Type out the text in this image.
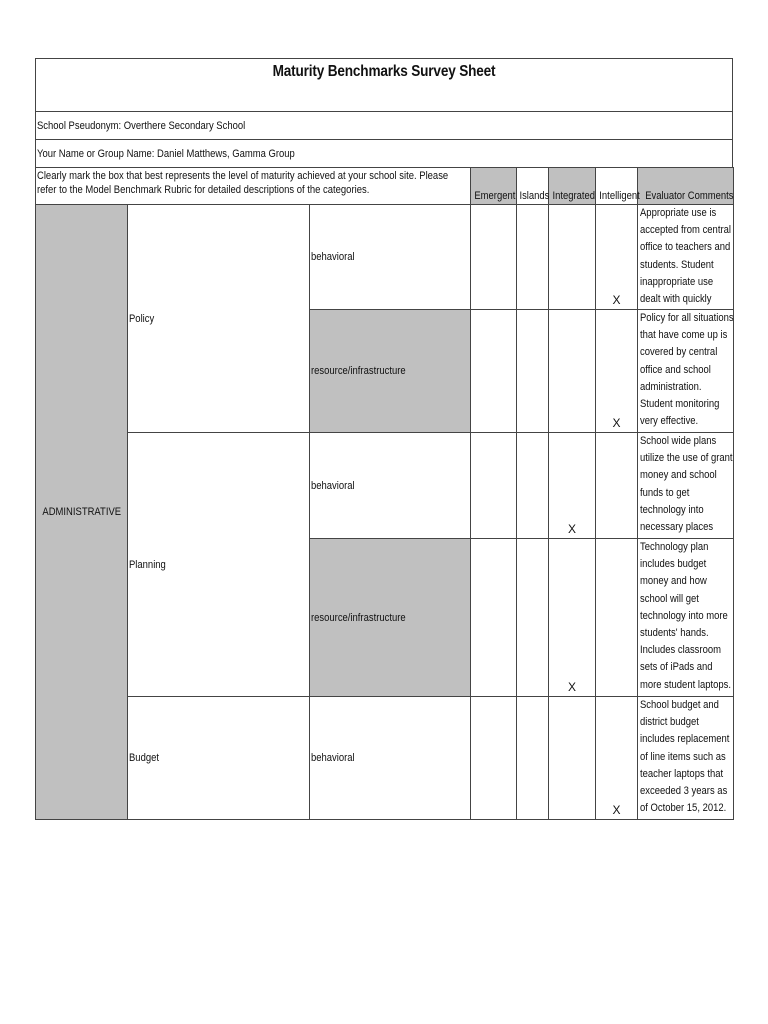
Maturity Benchmarks Survey Sheet
School Pseudonym: Overthere Secondary School
Your Name or Group Name: Daniel Matthews, Gamma Group
Clearly mark the box that best represents the level of maturity achieved at your school site. Please refer to the Model Benchmark Rubric for detailed descriptions of the categories.			Emergent	Islands	Integrated	Intelligent	Evaluator Comments
ADMINISTRATIVE	Policy	behavioral				X	Appropriate use is accepted from central office to teachers and students. Student inappropriate use dealt with quickly

		resource/infrastructure				X	Policy for all situations that have come up is covered by central office and school administration. Student monitoring very effective.

	Planning	behavioral			X		School wide plans utilize the use of grant money and school funds to get technology into necessary places

		resource/infrastructure			X		Technology plan includes budget money and how school will get technology into more students' hands. Includes classroom sets of iPads and more student laptops.

	Budget	behavioral				X	School budget and district budget includes replacement of line items such as teacher laptops that exceeded 3 years as of October 15, 2012.
